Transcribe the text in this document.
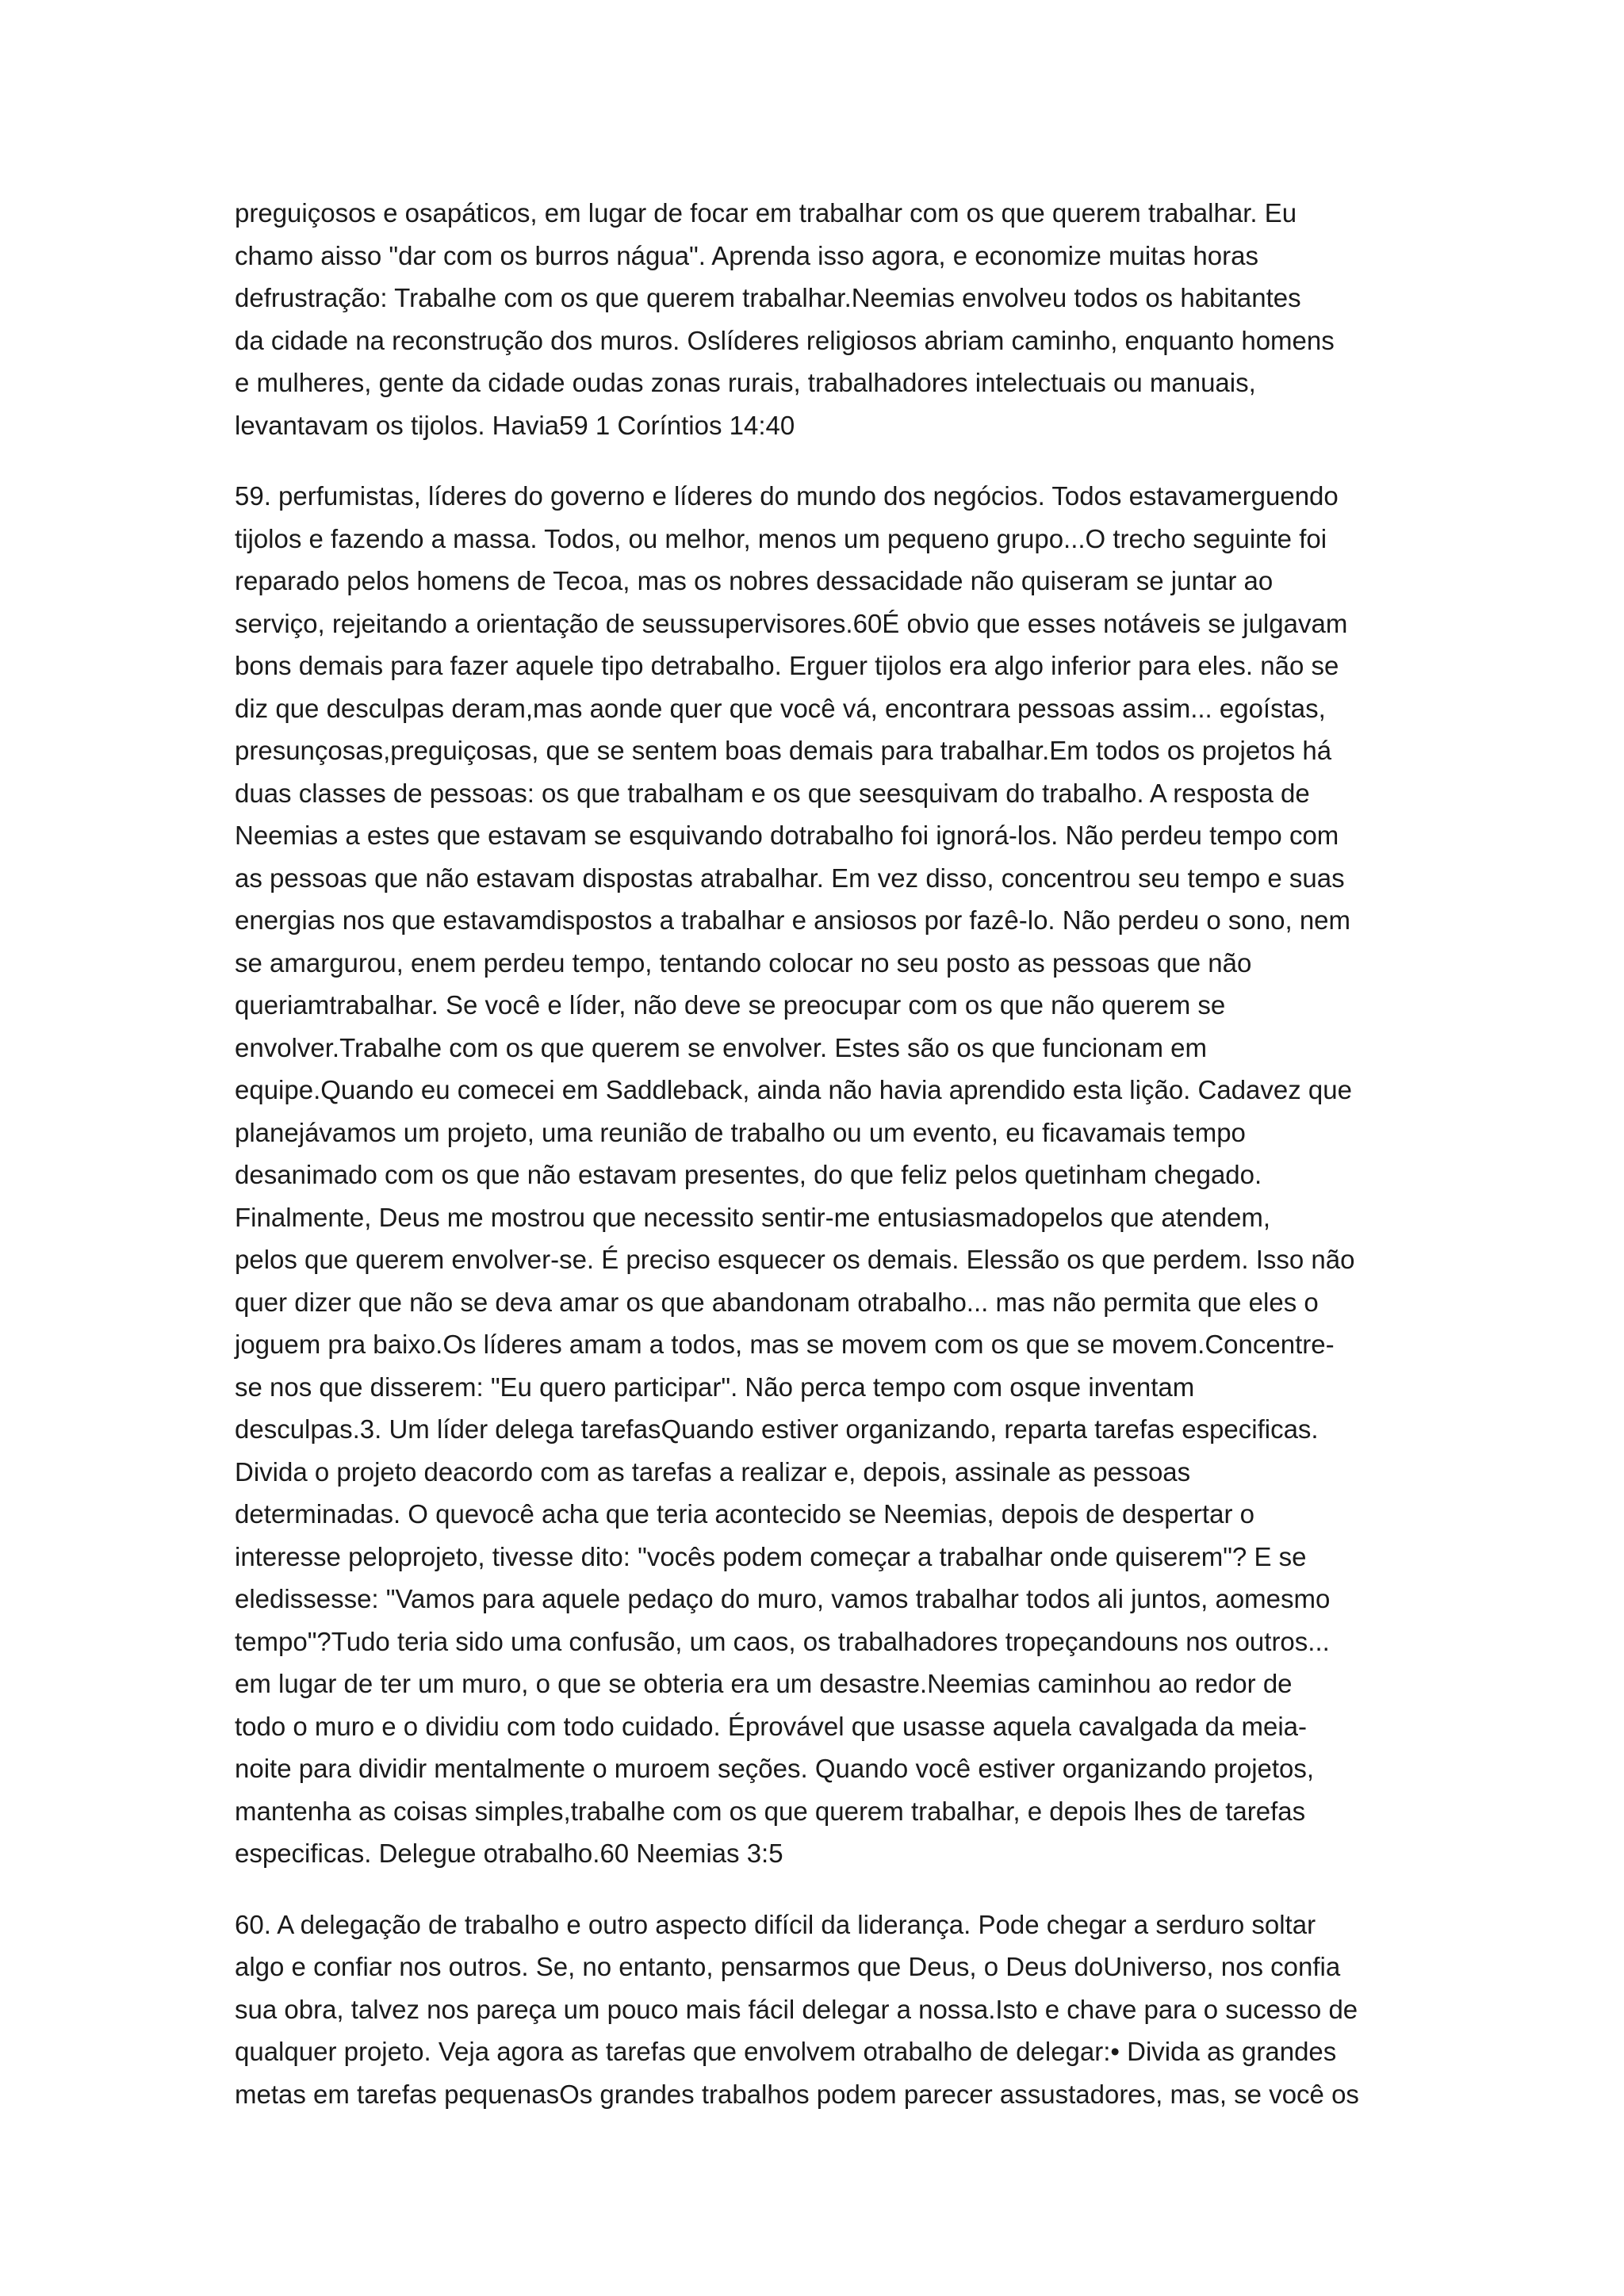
preguiçosos e osapáticos, em lugar de focar em trabalhar com os que querem trabalhar. Eu
chamo aisso "dar com os burros nágua". Aprenda isso agora, e economize muitas horas
defrustração: Trabalhe com os que querem trabalhar.Neemias envolveu todos os habitantes
da cidade na reconstrução dos muros. Oslíderes religiosos abriam caminho, enquanto homens
e mulheres, gente da cidade oudas zonas rurais, trabalhadores intelectuais ou manuais,
levantavam os tijolos. Havia59 1 Coríntios 14:40
59. perfumistas, líderes do governo e líderes do mundo dos negócios. Todos estavamerguendo
tijolos e fazendo a massa. Todos, ou melhor, menos um pequeno grupo...O trecho seguinte foi
reparado pelos homens de Tecoa, mas os nobres dessacidade não quiseram se juntar ao
serviço, rejeitando a orientação de seussupervisores.60É obvio que esses notáveis se julgavam
bons demais para fazer aquele tipo detrabalho. Erguer tijolos era algo inferior para eles. não se
diz que desculpas deram,mas aonde quer que você vá, encontrara pessoas assim... egoístas,
presunçosas,preguiçosas, que se sentem boas demais para trabalhar.Em todos os projetos há
duas classes de pessoas: os que trabalham e os que seesquivam do trabalho. A resposta de
Neemias a estes que estavam se esquivando dotrabalho foi ignorá-los. Não perdeu tempo com
as pessoas que não estavam dispostas atrabalhar. Em vez disso, concentrou seu tempo e suas
energias nos que estavamdispostos a trabalhar e ansiosos por fazê-lo. Não perdeu o sono, nem
se amargurou, enem perdeu tempo, tentando colocar no seu posto as pessoas que não
queriamtrabalhar. Se você e líder, não deve se preocupar com os que não querem se
envolver.Trabalhe com os que querem se envolver. Estes são os que funcionam em
equipe.Quando eu comecei em Saddleback, ainda não havia aprendido esta lição. Cadavez que
planejávamos um projeto, uma reunião de trabalho ou um evento, eu ficavamais tempo
desanimado com os que não estavam presentes, do que feliz pelos quetinham chegado.
Finalmente, Deus me mostrou que necessito sentir-me entusiasmadopelos que atendem,
pelos que querem envolver-se. É preciso esquecer os demais. Elessão os que perdem. Isso não
quer dizer que não se deva amar os que abandonam otrabalho... mas não permita que eles o
joguem pra baixo.Os líderes amam a todos, mas se movem com os que se movem.Concentre-
se nos que disserem: "Eu quero participar". Não perca tempo com osque inventam
desculpas.3. Um líder delega tarefasQuando estiver organizando, reparta tarefas especificas.
Divida o projeto deacordo com as tarefas a realizar e, depois, assinale as pessoas
determinadas. O quevocê acha que teria acontecido se Neemias, depois de despertar o
interesse peloprojeto, tivesse dito: "vocês podem começar a trabalhar onde quiserem"? E se
eledissesse: "Vamos para aquele pedaço do muro, vamos trabalhar todos ali juntos, aomesmo
tempo"?Tudo teria sido uma confusão, um caos, os trabalhadores tropeçandouns nos outros...
em lugar de ter um muro, o que se obteria era um desastre.Neemias caminhou ao redor de
todo o muro e o dividiu com todo cuidado. Éprovável que usasse aquela cavalgada da meia-
noite para dividir mentalmente o muroem seções. Quando você estiver organizando projetos,
mantenha as coisas simples,trabalhe com os que querem trabalhar, e depois lhes de tarefas
especificas. Delegue otrabalho.60 Neemias 3:5
60. A delegação de trabalho e outro aspecto difícil da liderança. Pode chegar a serduro soltar
algo e confiar nos outros. Se, no entanto, pensarmos que Deus, o Deus doUniverso, nos confia
sua obra, talvez nos pareça um pouco mais fácil delegar a nossa.Isto e chave para o sucesso de
qualquer projeto. Veja agora as tarefas que envolvem otrabalho de delegar:• Divida as grandes
metas em tarefas pequenasOs grandes trabalhos podem parecer assustadores, mas, se você os
